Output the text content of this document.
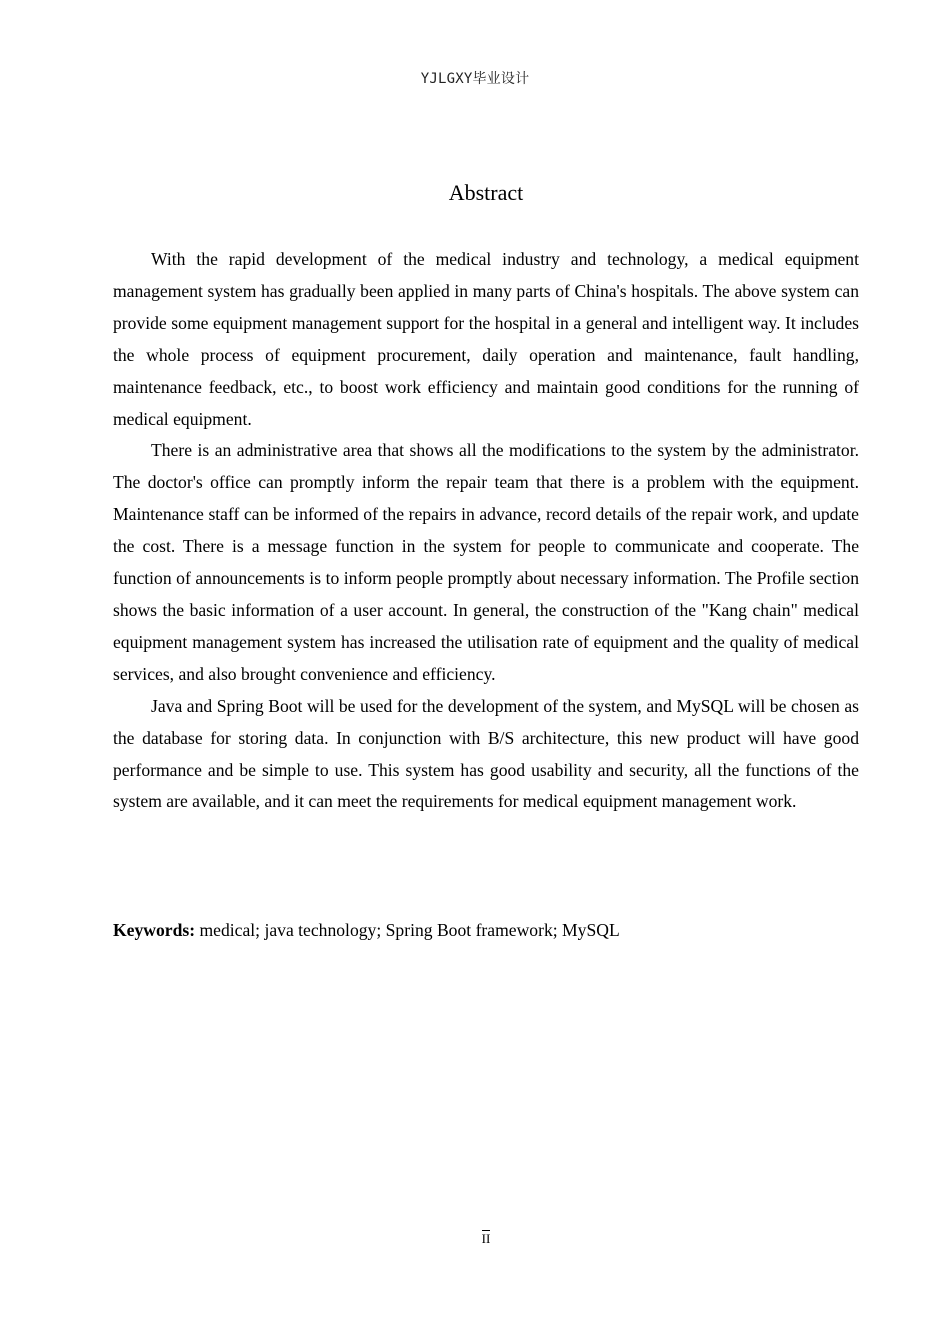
YJLGXY毕业设计
Abstract

With the rapid development of the medical industry and technology, a medical equipment management system has gradually been applied in many parts of China's hospitals. The above system can provide some equipment management support for the hospital in a general and intelligent way. It includes the whole process of equipment procurement, daily operation and maintenance, fault handling, maintenance feedback, etc., to boost work efficiency and maintain good conditions for the running of medical equipment.

There is an administrative area that shows all the modifications to the system by the administrator. The doctor's office can promptly inform the repair team that there is a problem with the equipment. Maintenance staff can be informed of the repairs in advance, record details of the repair work, and update the cost. There is a message function in the system for people to communicate and cooperate. The function of announcements is to inform people promptly about necessary information. The Profile section shows the basic information of a user account. In general, the construction of the "Kang chain" medical equipment management system has increased the utilisation rate of equipment and the quality of medical services, and also brought convenience and efficiency.

Java and Spring Boot will be used for the development of the system, and MySQL will be chosen as the database for storing data. In conjunction with B/S architecture, this new product will have good performance and be simple to use. This system has good usability and security, all the functions of the system are available, and it can meet the requirements for medical equipment management work.

Keywords: medical; java technology; Spring Boot framework; MySQL
II
